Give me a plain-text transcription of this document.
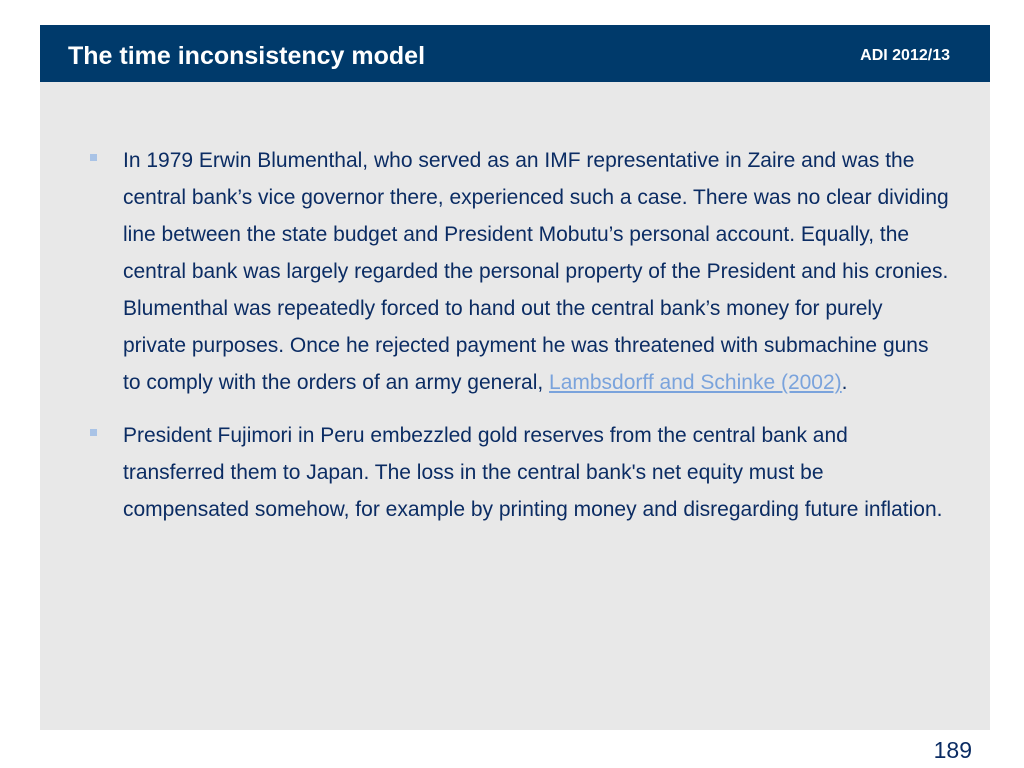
The time inconsistency model	ADI 2012/13
In 1979 Erwin Blumenthal, who served as an IMF representative in Zaire and was the central bank’s vice governor there, experienced such a case. There was no clear dividing line between the state budget and President Mobutu’s personal account. Equally, the central bank was largely regarded the personal property of the President and his cronies. Blumenthal was repeatedly forced to hand out the central bank’s money for purely private purposes. Once he rejected payment he was threatened with submachine guns to comply with the orders of an army general, Lambsdorff and Schinke (2002).
President Fujimori in Peru embezzled gold reserves from the central bank and transferred them to Japan. The loss in the central bank's net equity must be compensated somehow, for example by printing money and disregarding future inflation.
189
